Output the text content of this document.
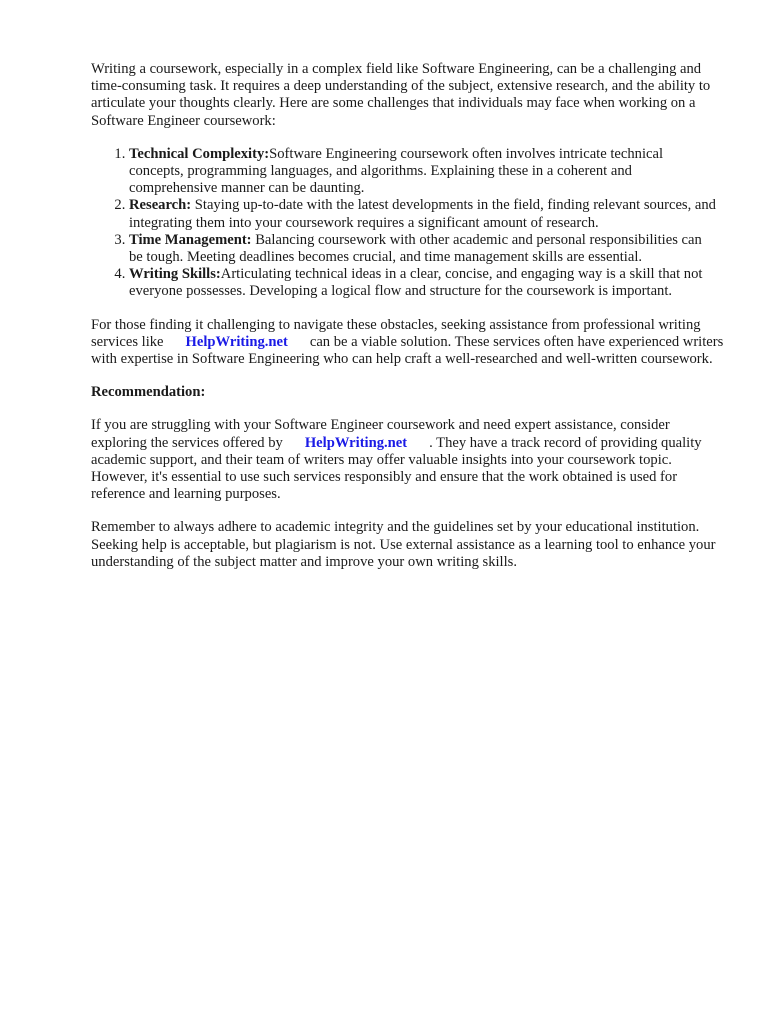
Writing a coursework, especially in a complex field like Software Engineering, can be a challenging and time-consuming task. It requires a deep understanding of the subject, extensive research, and the ability to articulate your thoughts clearly. Here are some challenges that individuals may face when working on a Software Engineer coursework:

1. Technical Complexity:Software Engineering coursework often involves intricate technical concepts, programming languages, and algorithms. Explaining these in a coherent and comprehensive manner can be daunting.
2. Research: Staying up-to-date with the latest developments in the field, finding relevant sources, and integrating them into your coursework requires a significant amount of research.
3. Time Management: Balancing coursework with other academic and personal responsibilities can be tough. Meeting deadlines becomes crucial, and time management skills are essential.
4. Writing Skills:Articulating technical ideas in a clear, concise, and engaging way is a skill that not everyone possesses. Developing a logical flow and structure for the coursework is important.

For those finding it challenging to navigate these obstacles, seeking assistance from professional writing services like HelpWriting.net can be a viable solution. These services often have experienced writers with expertise in Software Engineering who can help craft a well-researched and well-written coursework.

Recommendation:

If you are struggling with your Software Engineer coursework and need expert assistance, consider exploring the services offered by HelpWriting.net . They have a track record of providing quality academic support, and their team of writers may offer valuable insights into your coursework topic. However, it's essential to use such services responsibly and ensure that the work obtained is used for reference and learning purposes.

Remember to always adhere to academic integrity and the guidelines set by your educational institution. Seeking help is acceptable, but plagiarism is not. Use external assistance as a learning tool to enhance your understanding of the subject matter and improve your own writing skills.
